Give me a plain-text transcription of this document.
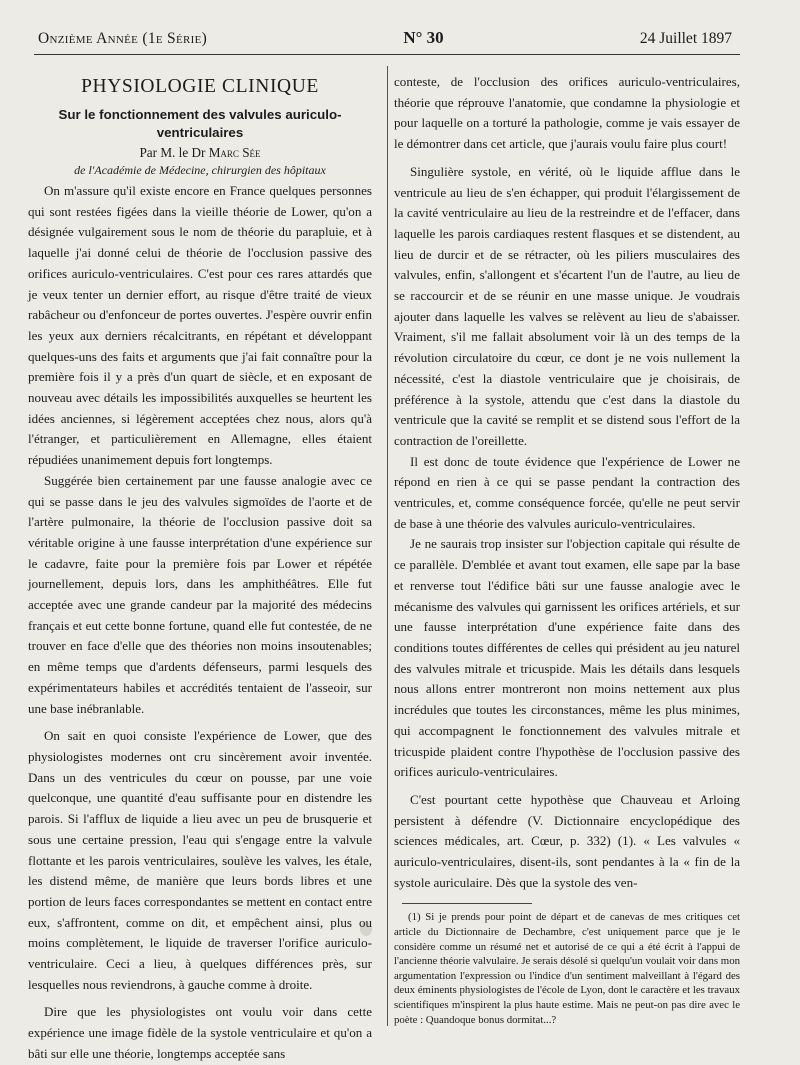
Onzième Année (1e Série)	N° 30	24 Juillet 1897
PHYSIOLOGIE CLINIQUE
Sur le fonctionnement des valvules auriculo-ventriculaires
Par M. le Dr Marc Sée
de l'Académie de Médecine, chirurgien des hôpitaux

On m'assure qu'il existe encore en France quelques personnes qui sont restées figées dans la vieille théorie de Lower, qu'on a désignée vulgairement sous le nom de théorie du parapluie, et à laquelle j'ai donné celui de théorie de l'occlusion passive des orifices auriculo-ventriculaires. C'est pour ces rares attardés que je veux tenter un dernier effort, au risque d'être traité de vieux rabâcheur ou d'enfonceur de portes ouvertes. J'espère ouvrir enfin les yeux aux derniers récalcitrants, en répétant et développant quelques-uns des faits et arguments que j'ai fait connaître pour la première fois il y a près d'un quart de siècle, et en exposant de nouveau avec détails les impossibilités auxquelles se heurtent les idées anciennes, si légèrement acceptées chez nous, alors qu'à l'étranger, et particulièrement en Allemagne, elles étaient répudiées unanimement depuis fort longtemps.

Suggérée bien certainement par une fausse analogie avec ce qui se passe dans le jeu des valvules sigmoïdes de l'aorte et de l'artère pulmonaire, la théorie de l'occlusion passive doit sa véritable origine à une fausse interprétation d'une expérience sur le cadavre, faite pour la première fois par Lower et répétée journellement, depuis lors, dans les amphithéâtres. Elle fut acceptée avec une grande candeur par la majorité des médecins français et eut cette bonne fortune, quand elle fut contestée, de ne trouver en face d'elle que des théories non moins insoutenables; en même temps que d'ardents défenseurs, parmi lesquels des expérimentateurs habiles et accrédités tentaient de l'asseoir, sur une base inébranlable.

On sait en quoi consiste l'expérience de Lower, que des physiologistes modernes ont cru sincèrement avoir inventée. Dans un des ventricules du cœur on pousse, par une voie quelconque, une quantité d'eau suffisante pour en distendre les parois. Si l'afflux de liquide a lieu avec un peu de brusquerie et sous une certaine pression, l'eau qui s'engage entre la valvule flottante et les parois ventriculaires, soulève les valves, les étale, les distend même, de manière que leurs bords libres et une portion de leurs faces correspondantes se mettent en contact entre eux, s'affrontent, comme on dit, et empêchent ainsi, plus ou moins complètement, le liquide de traverser l'orifice auriculo-ventriculaire. Ceci a lieu, à quelques différences près, sur lesquelles nous reviendrons, à gauche comme à droite.

Dire que les physiologistes ont voulu voir dans cette expérience une image fidèle de la systole ventriculaire et qu'on a bâti sur elle une théorie, longtemps acceptée sans

conteste, de l'occlusion des orifices auriculo-ventriculaires, théorie que réprouve l'anatomie, que condamne la physiologie et pour laquelle on a torturé la pathologie, comme je vais essayer de le démontrer dans cet article, que j'aurais voulu faire plus court!

Singulière systole, en vérité, où le liquide afflue dans le ventricule au lieu de s'en échapper, qui produit l'élargissement de la cavité ventriculaire au lieu de la restreindre et de l'effacer, dans laquelle les parois cardiaques restent flasques et se distendent, au lieu de durcir et de se rétracter, où les piliers musculaires des valvules, enfin, s'allongent et s'écartent l'un de l'autre, au lieu de se raccourcir et de se réunir en une masse unique. Je voudrais ajouter dans laquelle les valves se relèvent au lieu de s'abaisser. Vraiment, s'il me fallait absolument voir là un des temps de la révolution circulatoire du cœur, ce dont je ne vois nullement la nécessité, c'est la diastole ventriculaire que je choisirais, de préférence à la systole, attendu que c'est dans la diastole du ventricule que la cavité se remplit et se distend sous l'effort de la contraction de l'oreillette.

Il est donc de toute évidence que l'expérience de Lower ne répond en rien à ce qui se passe pendant la contraction des ventricules, et, comme conséquence forcée, qu'elle ne peut servir de base à une théorie des valvules auriculo-ventriculaires.

Je ne saurais trop insister sur l'objection capitale qui résulte de ce parallèle. D'emblée et avant tout examen, elle sape par la base et renverse tout l'édifice bâti sur une fausse analogie avec le mécanisme des valvules qui garnissent les orifices artériels, et sur une fausse interprétation d'une expérience faite dans des conditions toutes différentes de celles qui président au jeu naturel des valvules mitrale et tricuspide. Mais les détails dans lesquels nous allons entrer montreront non moins nettement aux plus incrédules que toutes les circonstances, même les plus minimes, qui accompagnent le fonctionnement des valvules mitrale et tricuspide plaident contre l'hypothèse de l'occlusion passive des orifices auriculo-ventriculaires.

C'est pourtant cette hypothèse que Chauveau et Arloing persistent à défendre (V. Dictionnaire encyclopédique des sciences médicales, art. Cœur, p. 332) (1). « Les valvules « auriculo-ventriculaires, disent-ils, sont pendantes à la « fin de la systole auriculaire. Dès que la systole des ven-

(1) Si je prends pour point de départ et de canevas de mes critiques cet article du Dictionnaire de Dechambre, c'est uniquement parce que je le considère comme un résumé net et autorisé de ce qui a été écrit à l'appui de l'ancienne théorie valvulaire. Je serais désolé si quelqu'un voulait voir dans mon argumentation l'expression ou l'indice d'un sentiment malveillant à l'égard des deux éminents physiologistes de l'école de Lyon, dont le caractère et les travaux scientifiques m'inspirent la plus haute estime. Mais ne peut-on pas dire avec le poète : Quandoque bonus dormitat...?
